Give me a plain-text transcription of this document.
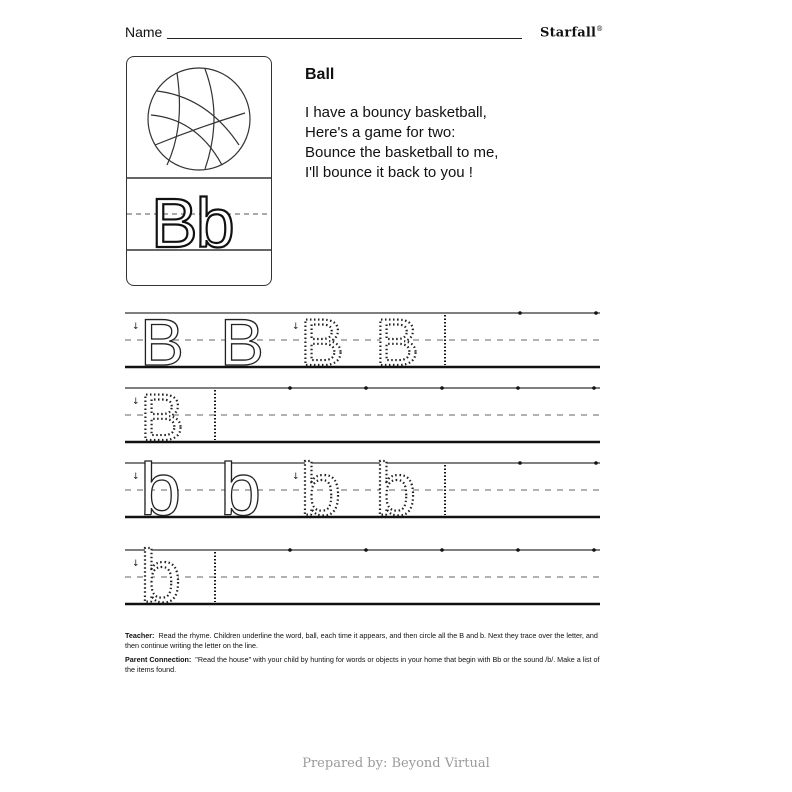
Name	Starfall®
Bb
Ball
I have a bouncy basketball,
Here's a game for two:
Bounce the basketball to me,
I'll bounce it back to you !
B
↓ B B
↓ B
B
↓
b
↓ b b
↓ b
b
↓

Teacher: Read the rhyme. Children underline the word, ball, each time it appears, and then circle all the B and b. Next they trace over the letter, and then continue writing the letter on the line.

Parent Connection: "Read the house" with your child by hunting for words or objects in your home that begin with Bb or the sound /b/. Make a list of the items found.

Prepared by: Beyond Virtual
